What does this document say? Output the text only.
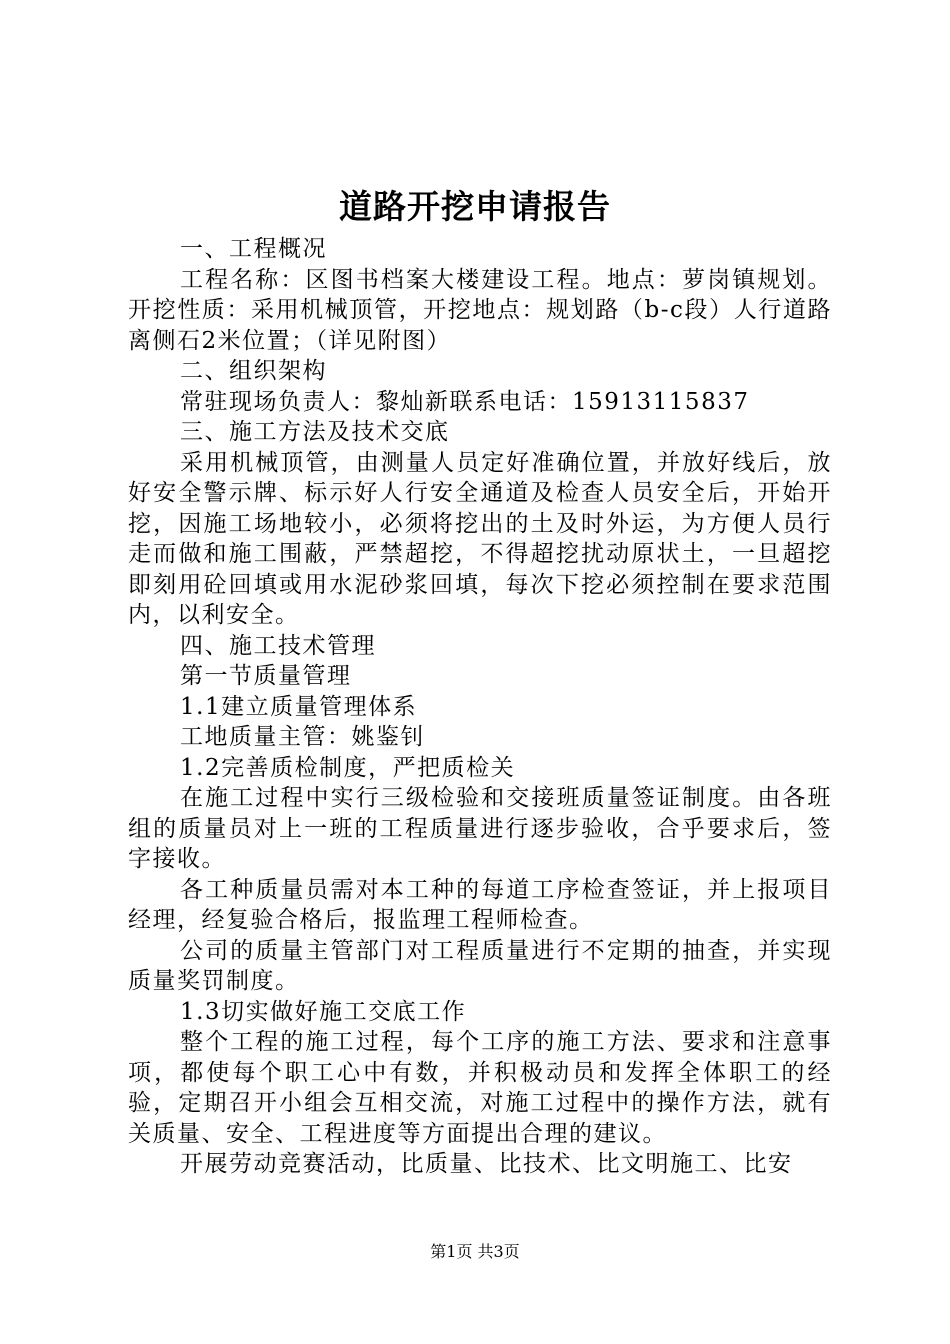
道路开挖申请报告

一、工程概况

工程名称：区图书档案大楼建设工程。地点：萝岗镇规划。开挖性质：采用机械顶管，开挖地点：规划路（b-c段）人行道路离侧石2米位置；（详见附图）

二、组织架构

常驻现场负责人：黎灿新联系电话：15913115837

三、施工方法及技术交底

采用机械顶管，由测量人员定好准确位置，并放好线后，放好安全警示牌、标示好人行安全通道及检查人员安全后，开始开挖，因施工场地较小，必须将挖出的土及时外运，为方便人员行走而做和施工围蔽，严禁超挖，不得超挖扰动原状土，一旦超挖即刻用砼回填或用水泥砂浆回填，每次下挖必须控制在要求范围内，以利安全。

四、施工技术管理

第一节质量管理

1.1建立质量管理体系

工地质量主管：姚鉴钊

1.2完善质检制度，严把质检关

在施工过程中实行三级检验和交接班质量签证制度。由各班组的质量员对上一班的工程质量进行逐步验收，合乎要求后，签字接收。

各工种质量员需对本工种的每道工序检查签证，并上报项目经理，经复验合格后，报监理工程师检查。

公司的质量主管部门对工程质量进行不定期的抽查，并实现质量奖罚制度。

1.3切实做好施工交底工作

整个工程的施工过程，每个工序的施工方法、要求和注意事项，都使每个职工心中有数，并积极动员和发挥全体职工的经验，定期召开小组会互相交流，对施工过程中的操作方法，就有关质量、安全、工程进度等方面提出合理的建议。

开展劳动竞赛活动，比质量、比技术、比文明施工、比安

第1页 共3页
